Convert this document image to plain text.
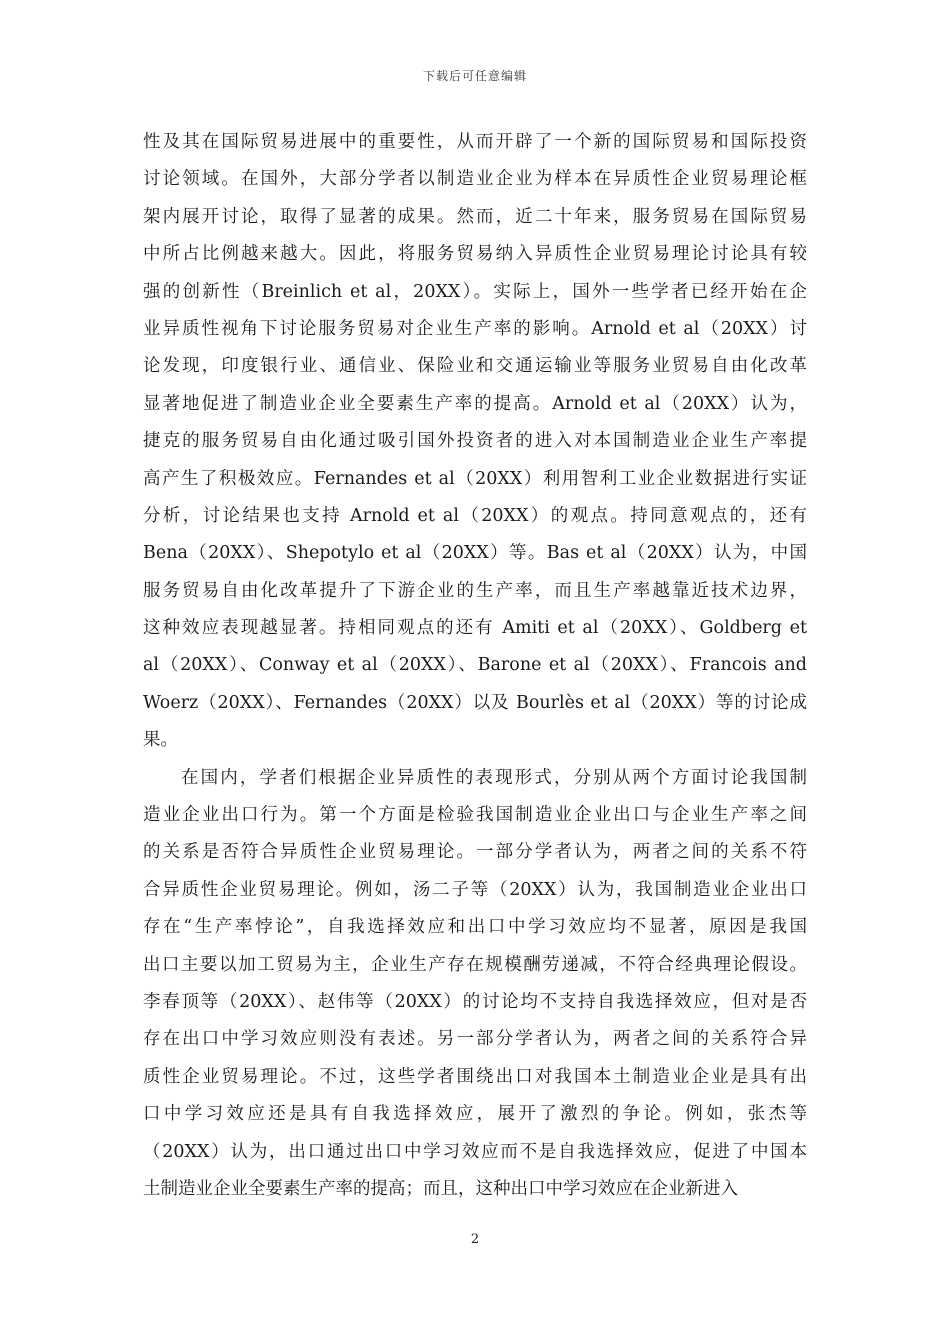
下载后可任意编辑
性及其在国际贸易进展中的重要性，从而开辟了一个新的国际贸易和国际投资
讨论领域。在国外，大部分学者以制造业企业为样本在异质性企业贸易理论框
架内展开讨论，取得了显著的成果。然而，近二十年来，服务贸易在国际贸易
中所占比例越来越大。因此，将服务贸易纳入异质性企业贸易理论讨论具有较
强的创新性（Breinlich et al，20XX）。实际上，国外一些学者已经开始在企
业异质性视角下讨论服务贸易对企业生产率的影响。Arnold et al（20XX）讨
论发现，印度银行业、通信业、保险业和交通运输业等服务业贸易自由化改革
显著地促进了制造业企业全要素生产率的提高。Arnold et al（20XX）认为，
捷克的服务贸易自由化通过吸引国外投资者的进入对本国制造业企业生产率提
高产生了积极效应。Fernandes et al（20XX）利用智利工业企业数据进行实证
分析，讨论结果也支持 Arnold et al（20XX）的观点。持同意观点的，还有
Bena（20XX）、Shepotylo et al（20XX）等。Bas et al（20XX）认为，中国
服务贸易自由化改革提升了下游企业的生产率，而且生产率越靠近技术边界，
这种效应表现越显著。持相同观点的还有 Amiti et al（20XX）、Goldberg et
al（20XX）、Conway et al（20XX）、Barone et al（20XX）、Francois and
Woerz（20XX）、Fernandes（20XX）以及 Bourlès et al（20XX）等的讨论成
果。
在国内，学者们根据企业异质性的表现形式，分别从两个方面讨论我国制
造业企业出口行为。第一个方面是检验我国制造业企业出口与企业生产率之间
的关系是否符合异质性企业贸易理论。一部分学者认为，两者之间的关系不符
合异质性企业贸易理论。例如，汤二子等（20XX）认为，我国制造业企业出口
存在“生产率悖论”，自我选择效应和出口中学习效应均不显著，原因是我国
出口主要以加工贸易为主，企业生产存在规模酬劳递减，不符合经典理论假设。
李春顶等（20XX）、赵伟等（20XX）的讨论均不支持自我选择效应，但对是否
存在出口中学习效应则没有表述。另一部分学者认为，两者之间的关系符合异
质性企业贸易理论。不过，这些学者围绕出口对我国本土制造业企业是具有出
口中学习效应还是具有自我选择效应，展开了激烈的争论。例如，张杰等
（20XX）认为，出口通过出口中学习效应而不是自我选择效应，促进了中国本
土制造业企业全要素生产率的提高；而且，这种出口中学习效应在企业新进入
2
